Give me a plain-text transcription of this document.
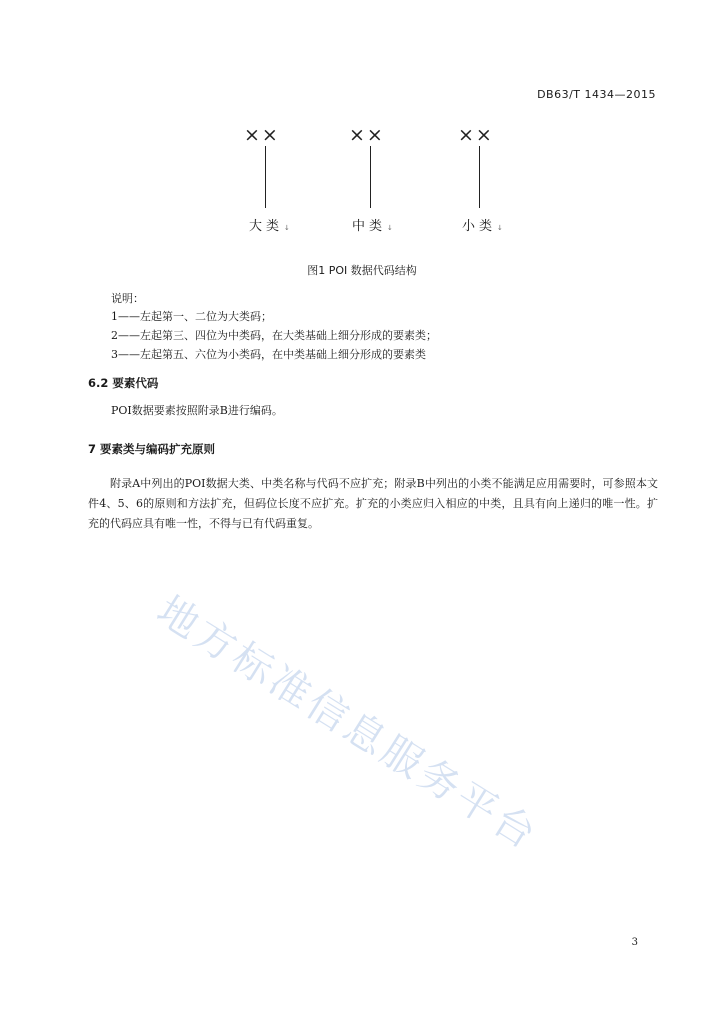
DB63/T 1434—2015
××	××	××
大类↓	中类↓	小类↓
图1 POI 数据代码结构
说明：
1——左起第一、二位为大类码；
2——左起第三、四位为中类码，在大类基础上细分形成的要素类；
3——左起第五、六位为小类码，在中类基础上细分形成的要素类
6.2 要素代码
POI数据要素按照附录B进行编码。
7 要素类与编码扩充原则
附录A中列出的POI数据大类、中类名称与代码不应扩充；附录B中列出的小类不能满足应用需要时，可参照本文件4、5、6的原则和方法扩充，但码位长度不应扩充。扩充的小类应归入相应的中类，且具有向上递归的唯一性。扩充的代码应具有唯一性，不得与已有代码重复。
地方标准信息服务平台
3
